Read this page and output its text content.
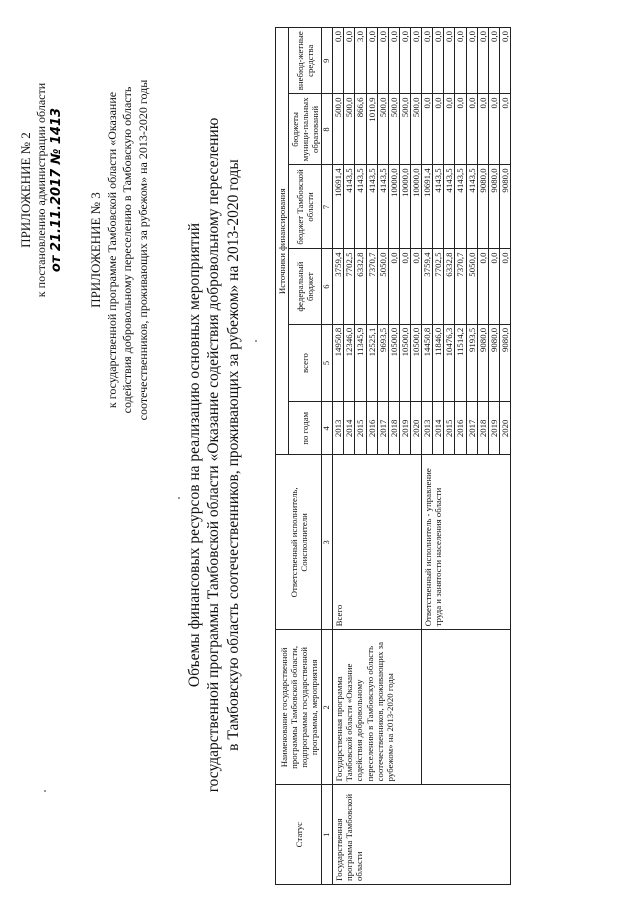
ПРИЛОЖЕНИЕ № 2 к постановлению администрации области от 21.11.2017 № 1413 ПРИЛОЖЕНИЕ № 3 к государственной программе Тамбовской области «Оказание содействия добровольному переселению в Тамбовскую область соотечественников, проживающих за рубежом» на 2013-2020 годы Объемы финансовых ресурсов на реализацию основных мероприятий государственной программы Тамбовской области «Оказание содействия добровольному переселению в Тамбовскую область соотечественников, проживающих за рубежом» на 2013-2020 годы
Статус	Наименование государственной программы Тамбовской области, подпрограммы государственной программы, мероприятия	Ответственный исполнитель, Соисполнители	Источники финансирования					
			по годам	всего	федеральный бюджет	бюджет Тамбовской области	бюджеты муници-пальных образований	внебюд-жетные средства
1	2	3	4	5	6	7	8	9
Государственная программа Тамбовской области	Государственная программа Тамбовской области «Оказание содействия добровольному переселению в Тамбовскую область соотечественников, проживающих за рубежом» на 2013-2020 годы	Всего	2013	14950,8	3759,4	10691,4	500,0	0,0
			2014	12346,0	7702,5	4143,5	500,0	0,0
			2015	11345,9	6332,8	4143,5	866,6	3,0
			2016	12525,1	7370,7	4143,5	1010,9	0,0
			2017	9693,5	5050,0	4143,5	500,0	0,0
			2018	10500,0	0,0	10000,0	500,0	0,0
			2019	10500,0	0,0	10000,0	500,0	0,0
			2020	10500,0	0,0	10000,0	500,0	0,0
		Ответственный исполнитель - управление труда и занятости населения области	2013	14450,8	3759,4	10691,4	0,0	0,0
			2014	11846,0	7702,5	4143,5	0,0	0,0
			2015	10476,3	6332,8	4143,5	0,0	0,0
			2016	11514,2	7370,7	4143,5	0,0	0,0
			2017	9193,5	5050,0	4143,5	0,0	0,0
			2018	9080,0	0,0	9080,0	0,0	0,0
			2019	9080,0	0,0	9080,0	0,0	0,0
			2020	9080,0	0,0	9080,0	0,0	0,0
